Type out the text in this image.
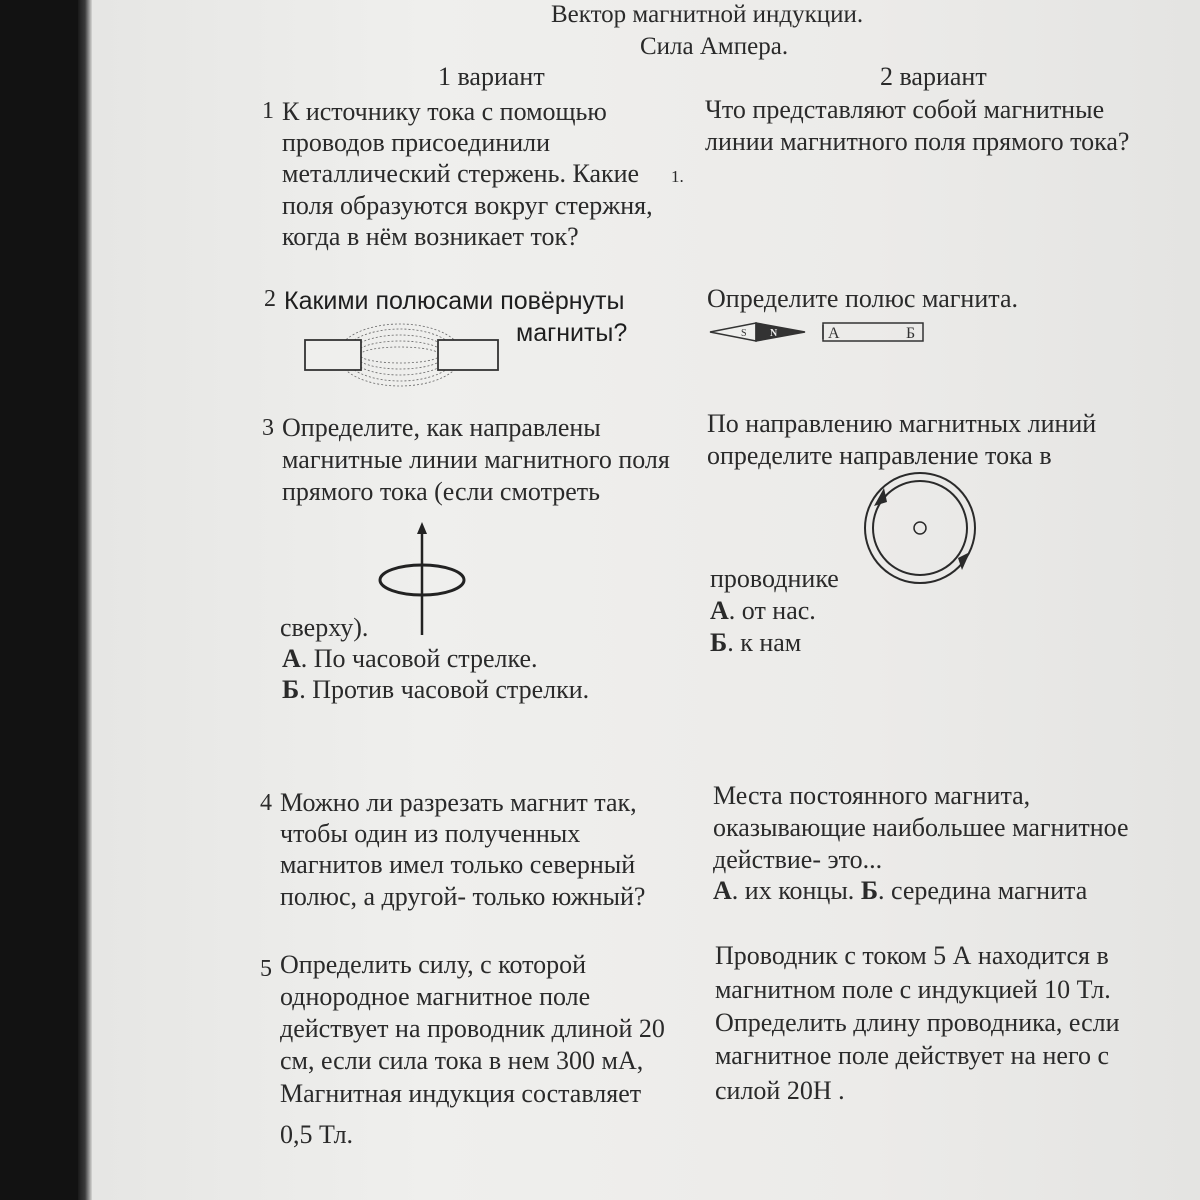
Вектор магнитной индукции.

Сила Ампера.

1 вариант	2 вариант

1 К источнику тока с помощью

проводов присоединили

металлический стержень. Какие

поля образуются вокруг стержня,

когда в нём возникает ток?

1.

Что представляют собой магнитные

линии магнитного поля прямого тока?

2 Какими полюсами повёрнуты

магниты?

Определите полюс магнита.

S N	А	Б
3 Определите, как направлены

магнитные линии магнитного поля

прямого тока (если смотреть

сверху).

А. По часовой стрелке.

Б. Против часовой стрелки.

По направлению магнитных линий

определите направление тока в

проводнике

А. от нас.

Б. к нам

4 Можно ли разрезать магнит так,

чтобы один из полученных

магнитов имел только северный

полюс, а другой- только южный?

Места постоянного магнита,

оказывающие наибольшее магнитное

действие- это...

А. их концы. Б. середина магнита

5 Определить силу, с которой

однородное магнитное поле

действует на проводник длиной 20

см, если сила тока в нем 300 мА,

Магнитная индукция составляет

0,5 Тл.

Проводник с током 5 А находится в

магнитном поле с индукцией 10 Тл.

Определить длину проводника, если

магнитное поле действует на него с

силой 20Н .
